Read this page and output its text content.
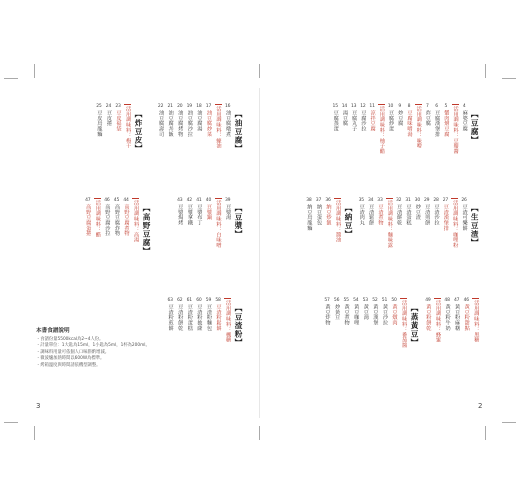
3	2
【豆腐】
4
麻婆豆腐
活用調味料：豆瓣醬
5
蟹肉燴豆腐
6
豆腐漢堡排
7
炸豆腐
活用調味料：味噌
8
豆腐味噌湯
9
炒豆腐
10
豆腐炒蛋
活用調味料：柚子醋
11
涼拌豆腐
12
豆腐沙拉
13
豆腐丸子
14
湯豆腐
15
豆腐蒸蛋
【生豆渣】
26
豆渣可樂餅
活用調味料：咖哩粉
27
豆渣漢堡排
28
豆渣沙拉
29
豆渣煎餅
30
炒豆渣
31
豆渣蛋糕
32
豆渣餅乾
活用調味料：麵味露
33
豆渣煮物
34
豆渣鬆餅
35
豆渣肉丸
【納豆】
活用調味料：醬油
36
納豆炒飯
37
納豆蛋包
38
納豆烏龍麵
【蒸黃豆】
活用調味料：番茄醬
50
黃豆燉肉
51
黃豆沙拉
52
黃豆漢堡
53
黃豆湯
54
黃豆咖哩
55
黃豆煮物
56
炒黃豆
57
黃豆炸物	活用調味料：黑糖
46
黃豆粉甜點
47
黃豆粉麻糬
48
黃豆粉牛奶
活用調味料：蜂蜜
49
黃豆粉餅乾
【油豆腐】
16
油豆腐燉煮
活用調味料：蠔油
17
油豆腐炒菜
18
油豆腐湯
19
油豆腐沙拉
20
油豆腐烤物
21
油豆腐丼飯
22
油豆腐壽司
【炸豆皮】
活用調味料：梅干
23
豆皮福袋
24
豆皮捲
25
豆皮烏龍麵
【豆漿】
39
豆漿湯
活用調味料：白味噌
40
豆漿鍋
41
豆漿布丁
42
豆漿拿鐵
43
豆漿焗烤
【高野豆腐】
活用調味料：高湯
44
高野豆腐煮物
45
高野豆腐炸物
46
高野豆腐沙拉
活用調味料：醋
47
高野豆腐蛋捲
【豆渣粉】
活用調味料：楓糖
58
豆渣粉鬆餅
59
豆渣粉麵包
60
豆渣粉披薩
61
豆渣粉蛋糕
62
豆渣粉餅乾
63
豆渣粉煎餅
本書食譜說明
・食譜份量5500kcal為2~4人份。
・計量單位：1大匙為15ml，1小匙為5ml，1杯為200ml。
・調味料用量可依個人口味斟酌增減。
・微波爐加熱時間以600W為標準。
・烤箱溫度與時間請依機型調整。
